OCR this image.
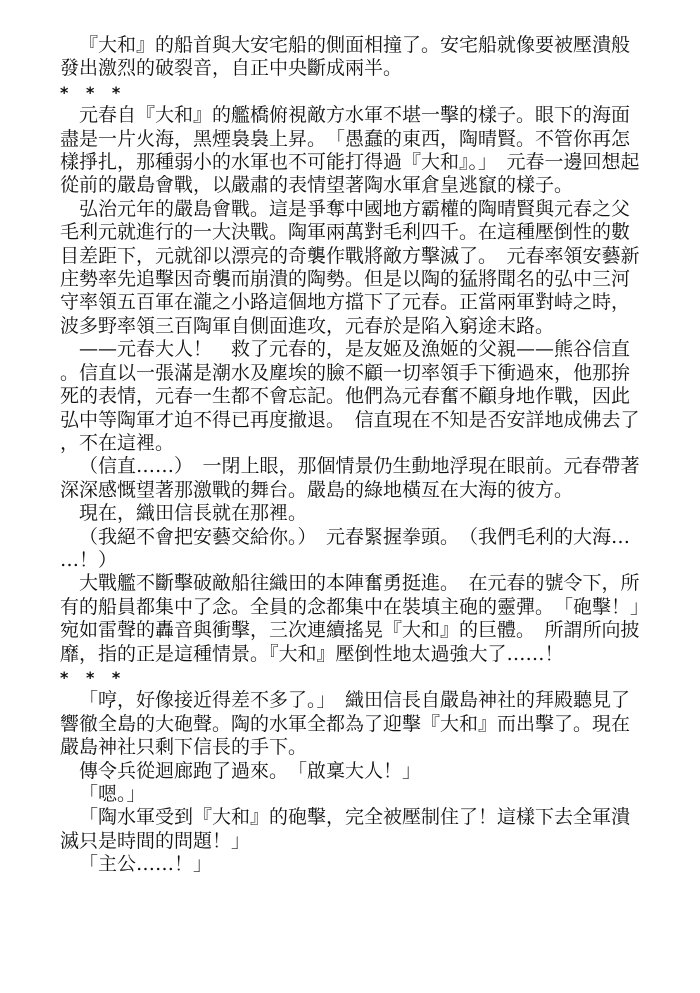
『大和』的船首與大安宅船的側面相撞了。安宅船就像要被壓潰般發出激烈的破裂音，自正中央斷成兩半。

* * *

元春自『大和』的艦橋俯視敵方水軍不堪一擊的樣子。眼下的海面盡是一片火海，黑煙裊裊上昇。　「愚蠢的東西，陶晴賢。不管你再怎樣掙扎，那種弱小的水軍也不可能打得過『大和』。」　元春一邊回想起從前的嚴島會戰，以嚴肅的表情望著陶水軍倉皇逃竄的樣子。

弘治元年的嚴島會戰。這是爭奪中國地方霸權的陶晴賢與元春之父毛利元就進行的一大決戰。陶軍兩萬對毛利四千。在這種壓倒性的數目差距下，元就卻以漂亮的奇襲作戰將敵方擊滅了。　元春率領安藝新庄勢率先追擊因奇襲而崩潰的陶勢。但是以陶的猛將聞名的弘中三河守率領五百軍在瀧之小路這個地方擋下了元春。正當兩軍對峙之時，波多野率領三百陶軍自側面進攻，元春於是陷入窮途末路。

——元春大人！　救了元春的，是友姬及漁姬的父親——熊谷信直。信直以一張滿是潮水及塵埃的臉不顧一切率領手下衝過來，他那拚死的表情，元春一生都不會忘記。他們為元春奮不顧身地作戰，因此弘中等陶軍才迫不得已再度撤退。　信直現在不知是否安詳地成佛去了，不在這裡。

（信直……）　一閉上眼，那個情景仍生動地浮現在眼前。元春帶著深深感慨望著那激戰的舞台。嚴島的綠地橫亙在大海的彼方。

現在，織田信長就在那裡。

（我絕不會把安藝交給你。）　元春緊握拳頭。　（我們毛利的大海……！）

大戰艦不斷擊破敵船往織田的本陣奮勇挺進。　在元春的號令下，所有的船員都集中了念。全員的念都集中在裝填主砲的靈彈。　「砲擊！」　宛如雷聲的轟音與衝擊，三次連續搖晃『大和』的巨體。　所謂所向披靡，指的正是這種情景。『大和』壓倒性地太過強大了……！

* * *

「哼，好像接近得差不多了。」　織田信長自嚴島神社的拜殿聽見了響徹全島的大砲聲。陶的水軍全都為了迎擊『大和』而出擊了。現在嚴島神社只剩下信長的手下。

傳令兵從迴廊跑了過來。　「啟稟大人！」

「嗯。」

「陶水軍受到『大和』的砲擊，完全被壓制住了！這樣下去全軍潰滅只是時間的問題！」

「主公……！」
